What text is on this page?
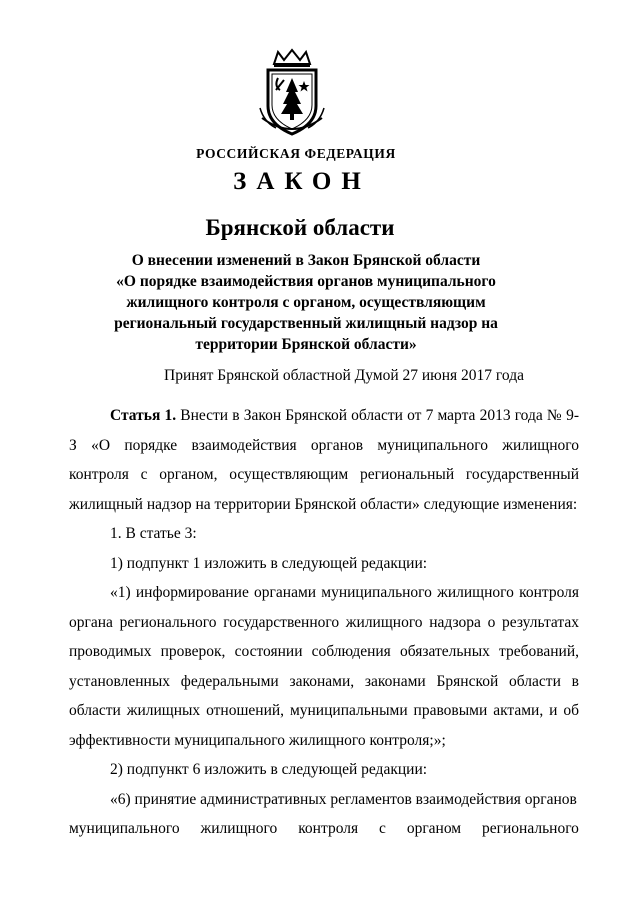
РОССИЙСКАЯ ФЕДЕРАЦИЯ
ЗАКОН
Брянской области
О внесении изменений в Закон Брянской области
«О порядке взаимодействия органов муниципального
жилищного контроля с органом, осуществляющим
региональный государственный жилищный надзор на
территории Брянской области»
Принят Брянской областной Думой 27 июня 2017 года

Статья 1. Внести в Закон Брянской области от 7 марта 2013 года № 9-З «О порядке взаимодействия органов муниципального жилищного контроля с органом, осуществляющим региональный государственный жилищный надзор на территории Брянской области» следующие изменения:

1. В статье 3:

1) подпункт 1 изложить в следующей редакции:

«1) информирование органами муниципального жилищного контроля органа регионального государственного жилищного надзора о результатах проводимых проверок, состоянии соблюдения обязательных требований, установленных федеральными законами, законами Брянской области в области жилищных отношений, муниципальными правовыми актами, и об эффективности муниципального жилищного контроля;»;

2) подпункт 6 изложить в следующей редакции:

«6) принятие административных регламентов взаимодействия органов

муниципального жилищного контроля с органом регионального
